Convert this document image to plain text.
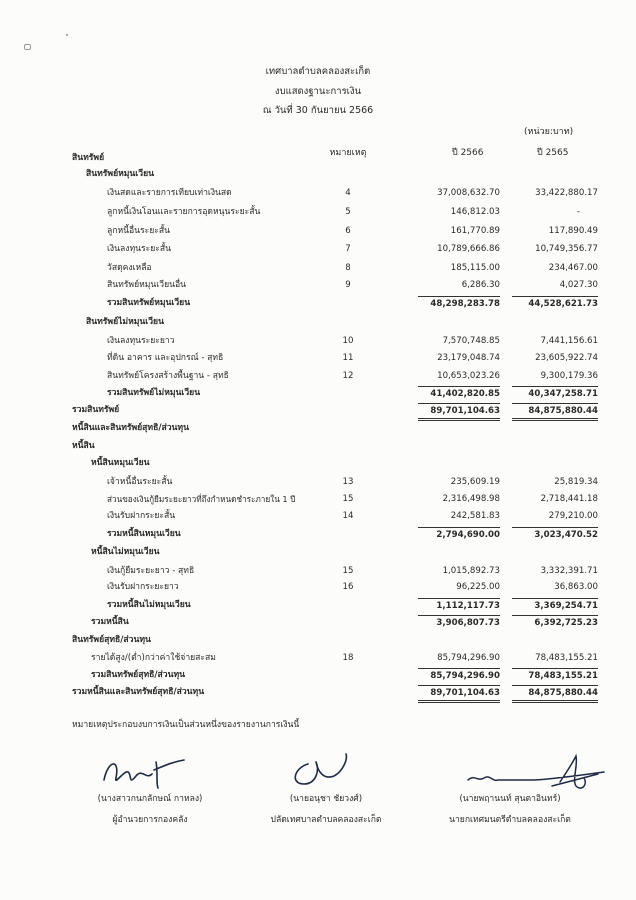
เทศบาลตำบลคลองสะเก็ต
งบแสดงฐานะการเงิน
ณ วันที่ 30 กันยายน 2566
(หน่วย:บาท)
หมายเหตุ	ปี 2566	ปี 2565
สินทรัพย์
สินทรัพย์หมุนเวียน
เงินสดและรายการเทียบเท่าเงินสด	4	37,008,632.70	33,422,880.17
ลูกหนี้เงินโอนและรายการอุดหนุนระยะสั้น	5	146,812.03	-
ลูกหนี้อื่นระยะสั้น	6	161,770.89	117,890.49
เงินลงทุนระยะสั้น	7	10,789,666.86	10,749,356.77
วัสดุคงเหลือ	8	185,115.00	234,467.00
สินทรัพย์หมุนเวียนอื่น	9	6,286.30	4,027.30
รวมสินทรัพย์หมุนเวียน	48,298,283.78	44,528,621.73
สินทรัพย์ไม่หมุนเวียน
เงินลงทุนระยะยาว	10	7,570,748.85	7,441,156.61
ที่ดิน อาคาร และอุปกรณ์ - สุทธิ	11	23,179,048.74	23,605,922.74
สินทรัพย์โครงสร้างพื้นฐาน - สุทธิ	12	10,653,023.26	9,300,179.36
รวมสินทรัพย์ไม่หมุนเวียน	41,402,820.85	40,347,258.71
รวมสินทรัพย์	89,701,104.63	84,875,880.44
หนี้สินและสินทรัพย์สุทธิ/ส่วนทุน
หนี้สิน
หนี้สินหมุนเวียน
เจ้าหนี้อื่นระยะสั้น	13	235,609.19	25,819.34
ส่วนของเงินกู้ยืมระยะยาวที่ถึงกำหนดชำระภายใน 1 ปี	15	2,316,498.98	2,718,441.18
เงินรับฝากระยะสั้น	14	242,581.83	279,210.00
รวมหนี้สินหมุนเวียน	2,794,690.00	3,023,470.52
หนี้สินไม่หมุนเวียน
เงินกู้ยืมระยะยาว - สุทธิ	15	1,015,892.73	3,332,391.71
เงินรับฝากระยะยาว	16	96,225.00	36,863.00
รวมหนี้สินไม่หมุนเวียน	1,112,117.73	3,369,254.71
รวมหนี้สิน	3,906,807.73	6,392,725.23
สินทรัพย์สุทธิ/ส่วนทุน
รายได้สูง/(ต่ำ)กว่าค่าใช้จ่ายสะสม	18	85,794,296.90	78,483,155.21
รวมสินทรัพย์สุทธิ/ส่วนทุน	85,794,296.90	78,483,155.21
รวมหนี้สินและสินทรัพย์สุทธิ/ส่วนทุน	89,701,104.63	84,875,880.44
หมายเหตุประกอบงบการเงินเป็นส่วนหนึ่งของรายงานการเงินนี้
(นางสาวกนกลักษณ์ กาหลง)
ผู้อำนวยการกองคลัง
(นายอนุชา ชัยวงศ์)
ปลัดเทศบาลตำบลคลองสะเก็ต
(นายพฤานนท์ สุนตาอินทร์)
นายกเทศมนตรีตำบลคลองสะเก็ต
